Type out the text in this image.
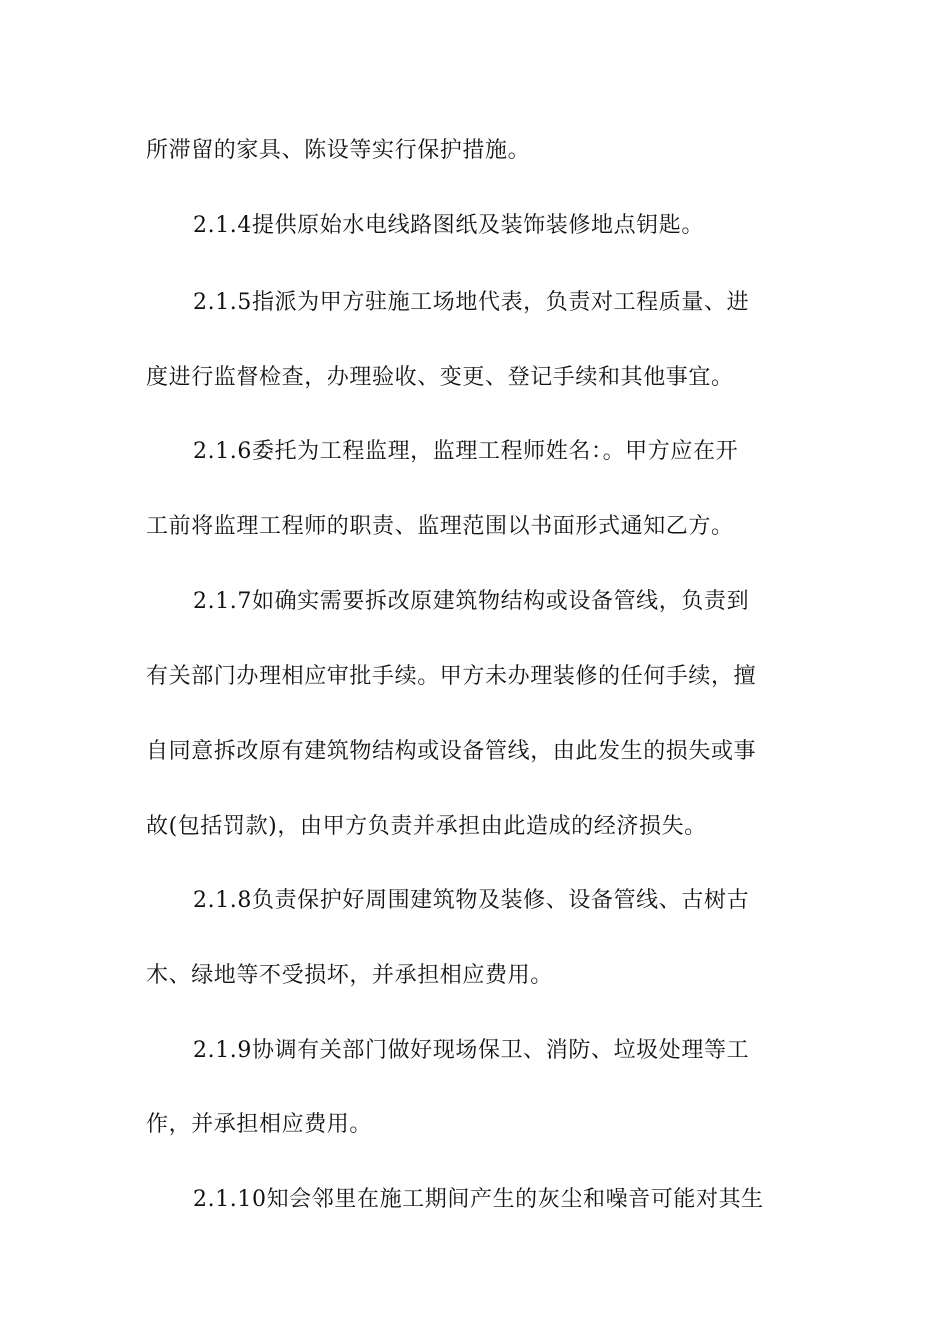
所滞留的家具、陈设等实行保护措施。
2.1.4提供原始水电线路图纸及装饰装修地点钥匙。
2.1.5指派为甲方驻施工场地代表，负责对工程质量、进
度进行监督检查，办理验收、变更、登记手续和其他事宜。
2.1.6委托为工程监理，监理工程师姓名：。甲方应在开
工前将监理工程师的职责、监理范围以书面形式通知乙方。
2.1.7如确实需要拆改原建筑物结构或设备管线，负责到
有关部门办理相应审批手续。甲方未办理装修的任何手续，擅
自同意拆改原有建筑物结构或设备管线，由此发生的损失或事
故(包括罚款)，由甲方负责并承担由此造成的经济损失。
2.1.8负责保护好周围建筑物及装修、设备管线、古树古
木、绿地等不受损坏，并承担相应费用。
2.1.9协调有关部门做好现场保卫、消防、垃圾处理等工
作，并承担相应费用。
2.1.10知会邻里在施工期间产生的灰尘和噪音可能对其生
